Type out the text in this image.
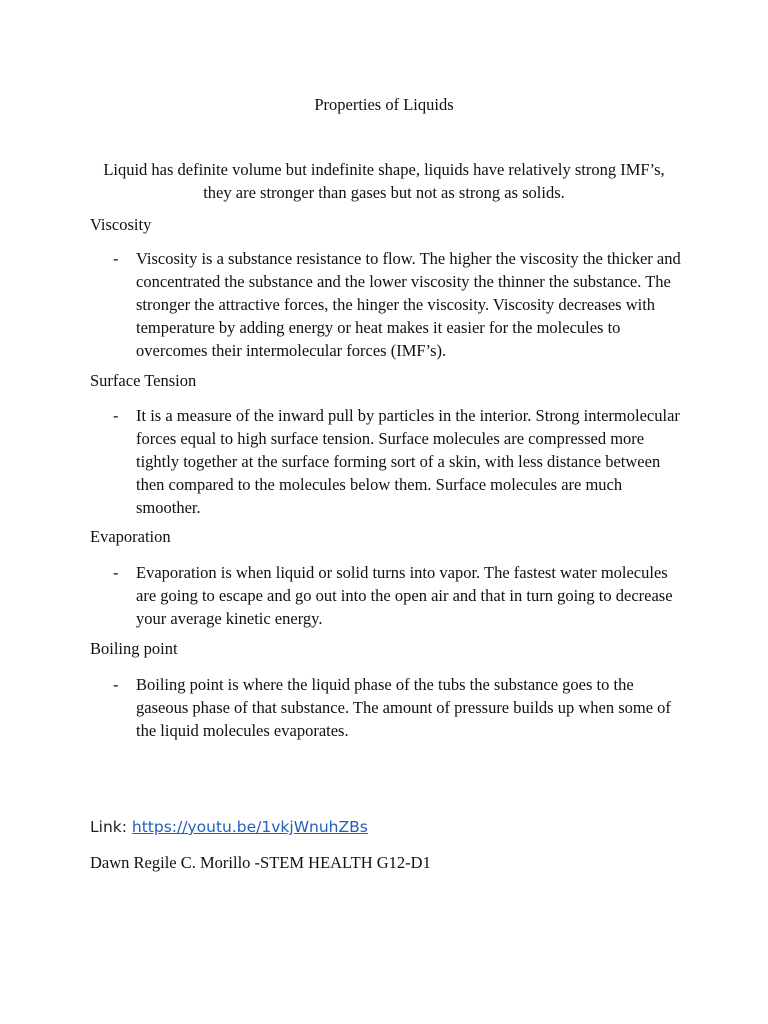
Properties of Liquids
Liquid has definite volume but indefinite shape, liquids have relatively strong IMF’s, they are stronger than gases but not as strong as solids.
Viscosity
- Viscosity is a substance resistance to flow. The higher the viscosity the thicker and concentrated the substance and the lower viscosity the thinner the substance. The stronger the attractive forces, the hinger the viscosity. Viscosity decreases with temperature by adding energy or heat makes it easier for the molecules to overcomes their intermolecular forces (IMF’s).
Surface Tension
- It is a measure of the inward pull by particles in the interior. Strong intermolecular forces equal to high surface tension. Surface molecules are compressed more tightly together at the surface forming sort of a skin, with less distance between then compared to the molecules below them. Surface molecules are much smoother.
Evaporation
- Evaporation is when liquid or solid turns into vapor. The fastest water molecules are going to escape and go out into the open air and that in turn going to decrease your average kinetic energy.
Boiling point
- Boiling point is where the liquid phase of the tubs the substance goes to the gaseous phase of that substance. The amount of pressure builds up when some of the liquid molecules evaporates.
Link: https://youtu.be/1vkjWnuhZBs
Dawn Regile C. Morillo -STEM HEALTH G12-D1
